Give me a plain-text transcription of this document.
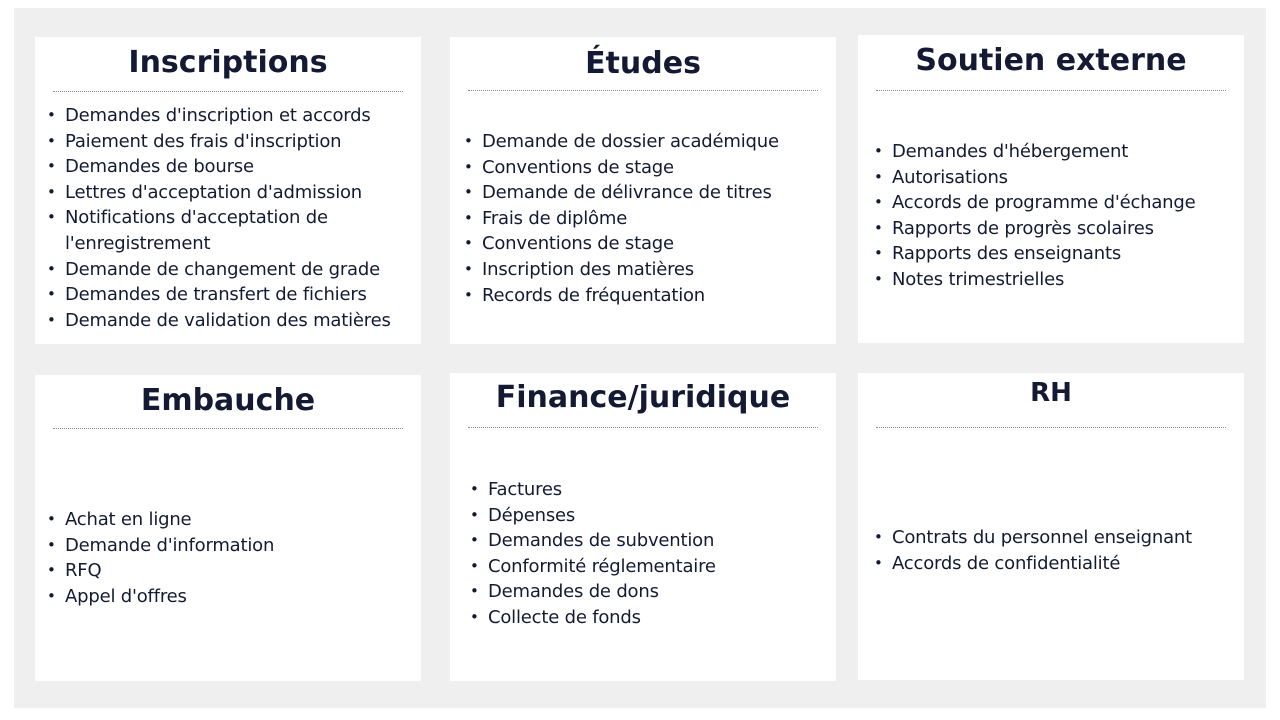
Inscriptions
• Demandes d'inscription et accords
• Paiement des frais d'inscription
• Demandes de bourse
• Lettres d'acceptation d'admission
• Notifications d'acceptation de l'enregistrement
• Demande de changement de grade
• Demandes de transfert de fichiers
• Demande de validation des matières
Études
• Demande de dossier académique
• Conventions de stage
• Demande de délivrance de titres
• Frais de diplôme
• Conventions de stage
• Inscription des matières
• Records de fréquentation
Soutien externe
• Demandes d'hébergement
• Autorisations
• Accords de programme d'échange
• Rapports de progrès scolaires
• Rapports des enseignants
• Notes trimestrielles
Embauche
• Achat en ligne
• Demande d'information
• RFQ
• Appel d'offres
Finance/juridique
• Factures
• Dépenses
• Demandes de subvention
• Conformité réglementaire
• Demandes de dons
• Collecte de fonds
RH
• Contrats du personnel enseignant
• Accords de confidentialité
